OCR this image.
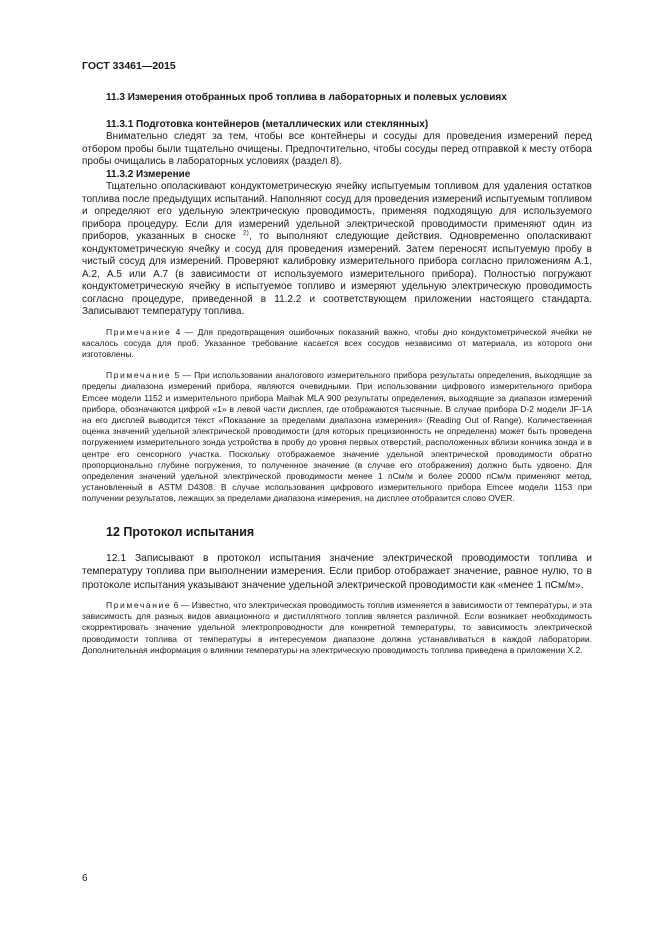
ГОСТ 33461—2015

11.3 Измерения отобранных проб топлива в лабораторных и полевых условиях

11.3.1 Подготовка контейнеров (металлических или стеклянных)

Внимательно следят за тем, чтобы все контейнеры и сосуды для проведения измерений перед отбором пробы были тщательно очищены. Предпочтительно, чтобы сосуды перед отправкой к месту отбора пробы очищались в лабораторных условиях (раздел 8).

11.3.2 Измерение

Тщательно ополаскивают кондуктометрическую ячейку испытуемым топливом для удаления остатков топлива после предыдущих испытаний. Наполняют сосуд для проведения измерений испытуемым топливом и определяют его удельную электрическую проводимость, применяя подходящую для используемого прибора процедуру. Если для измерений удельной электрической проводимости применяют один из приборов, указанных в сноске $^{2)}$, то выполняют следующие действия. Одновременно ополаскивают кондуктометрическую ячейку и сосуд для проведения измерений. Затем переносят испытуемую пробу в чистый сосуд для измерений. Проверяют калибровку измерительного прибора согласно приложениям А.1, А.2, А.5 или А.7 (в зависимости от используемого измерительного прибора). Полностью погружают кондуктометрическую ячейку в испытуемое топливо и измеряют удельную электрическую проводимость согласно процедуре, приведенной в 11.2.2 и соответствующем приложении настоящего стандарта. Записывают температуру топлива.

Примечание 4 — Для предотвращения ошибочных показаний важно, чтобы дно кондуктометрической ячейки не касалось сосуда для проб. Указанное требование касается всех сосудов независимо от материала, из которого они изготовлены.

Примечание 5 — При использовании аналогового измерительного прибора результаты определения, выходящие за пределы диапазона измерений прибора, являются очевидными. При использовании цифрового измерительного прибора Emcee модели 1152 и измерительного прибора Maihak MLA 900 результаты определения, выходящие за диапазон измерений прибора, обозначаются цифрой «1» в левой части дисплея, где отображаются тысячные. В случае прибора D-2 модели JF-1A на его дисплей выводится текст «Показание за пределами диапазона измерения» (Reading Out of Range). Количественная оценка значений удельной электрической проводимости (для которых прецизионность не определена) может быть проведена погружением измерительного зонда устройства в пробу до уровня первых отверстий, расположенных вблизи кончика зонда и в центре его сенсорного участка. Поскольку отображаемое значение удельной электрической проводимости обратно пропорционально глубине погружения, то полученное значение (в случае его отображения) должно быть удвоено. Для определения значений удельной электрической проводимости менее 1 пСм/м и более 20000 пСм/м применяют метод, установленный в ASTM D4308. В случае использования цифрового измерительного прибора Emcee модели 1153 при получении результатов, лежащих за пределами диапазона измерения, на дисплее отобразится слово OVER.

12 Протокол испытания

12.1 Записывают в протокол испытания значение электрической проводимости топлива и температуру топлива при выполнении измерения. Если прибор отображает значение, равное нулю, то в протоколе испытания указывают значение удельной электрической проводимости как «менее 1 пСм/м».

Примечание 6 — Известно, что электрическая проводимость топлив изменяется в зависимости от температуры, и эта зависимость для разных видов авиационного и дистиллятного топлив является различной. Если возникает необходимость скорректировать значение удельной электропроводности для конкретной температуры, то зависимость электрической проводимости топлива от температуры в интересуемом диапазоне должна устанавливаться в каждой лаборатории. Дополнительная информация о влиянии температуры на электрическую проводимость топлива приведена в приложении Х.2.

6
